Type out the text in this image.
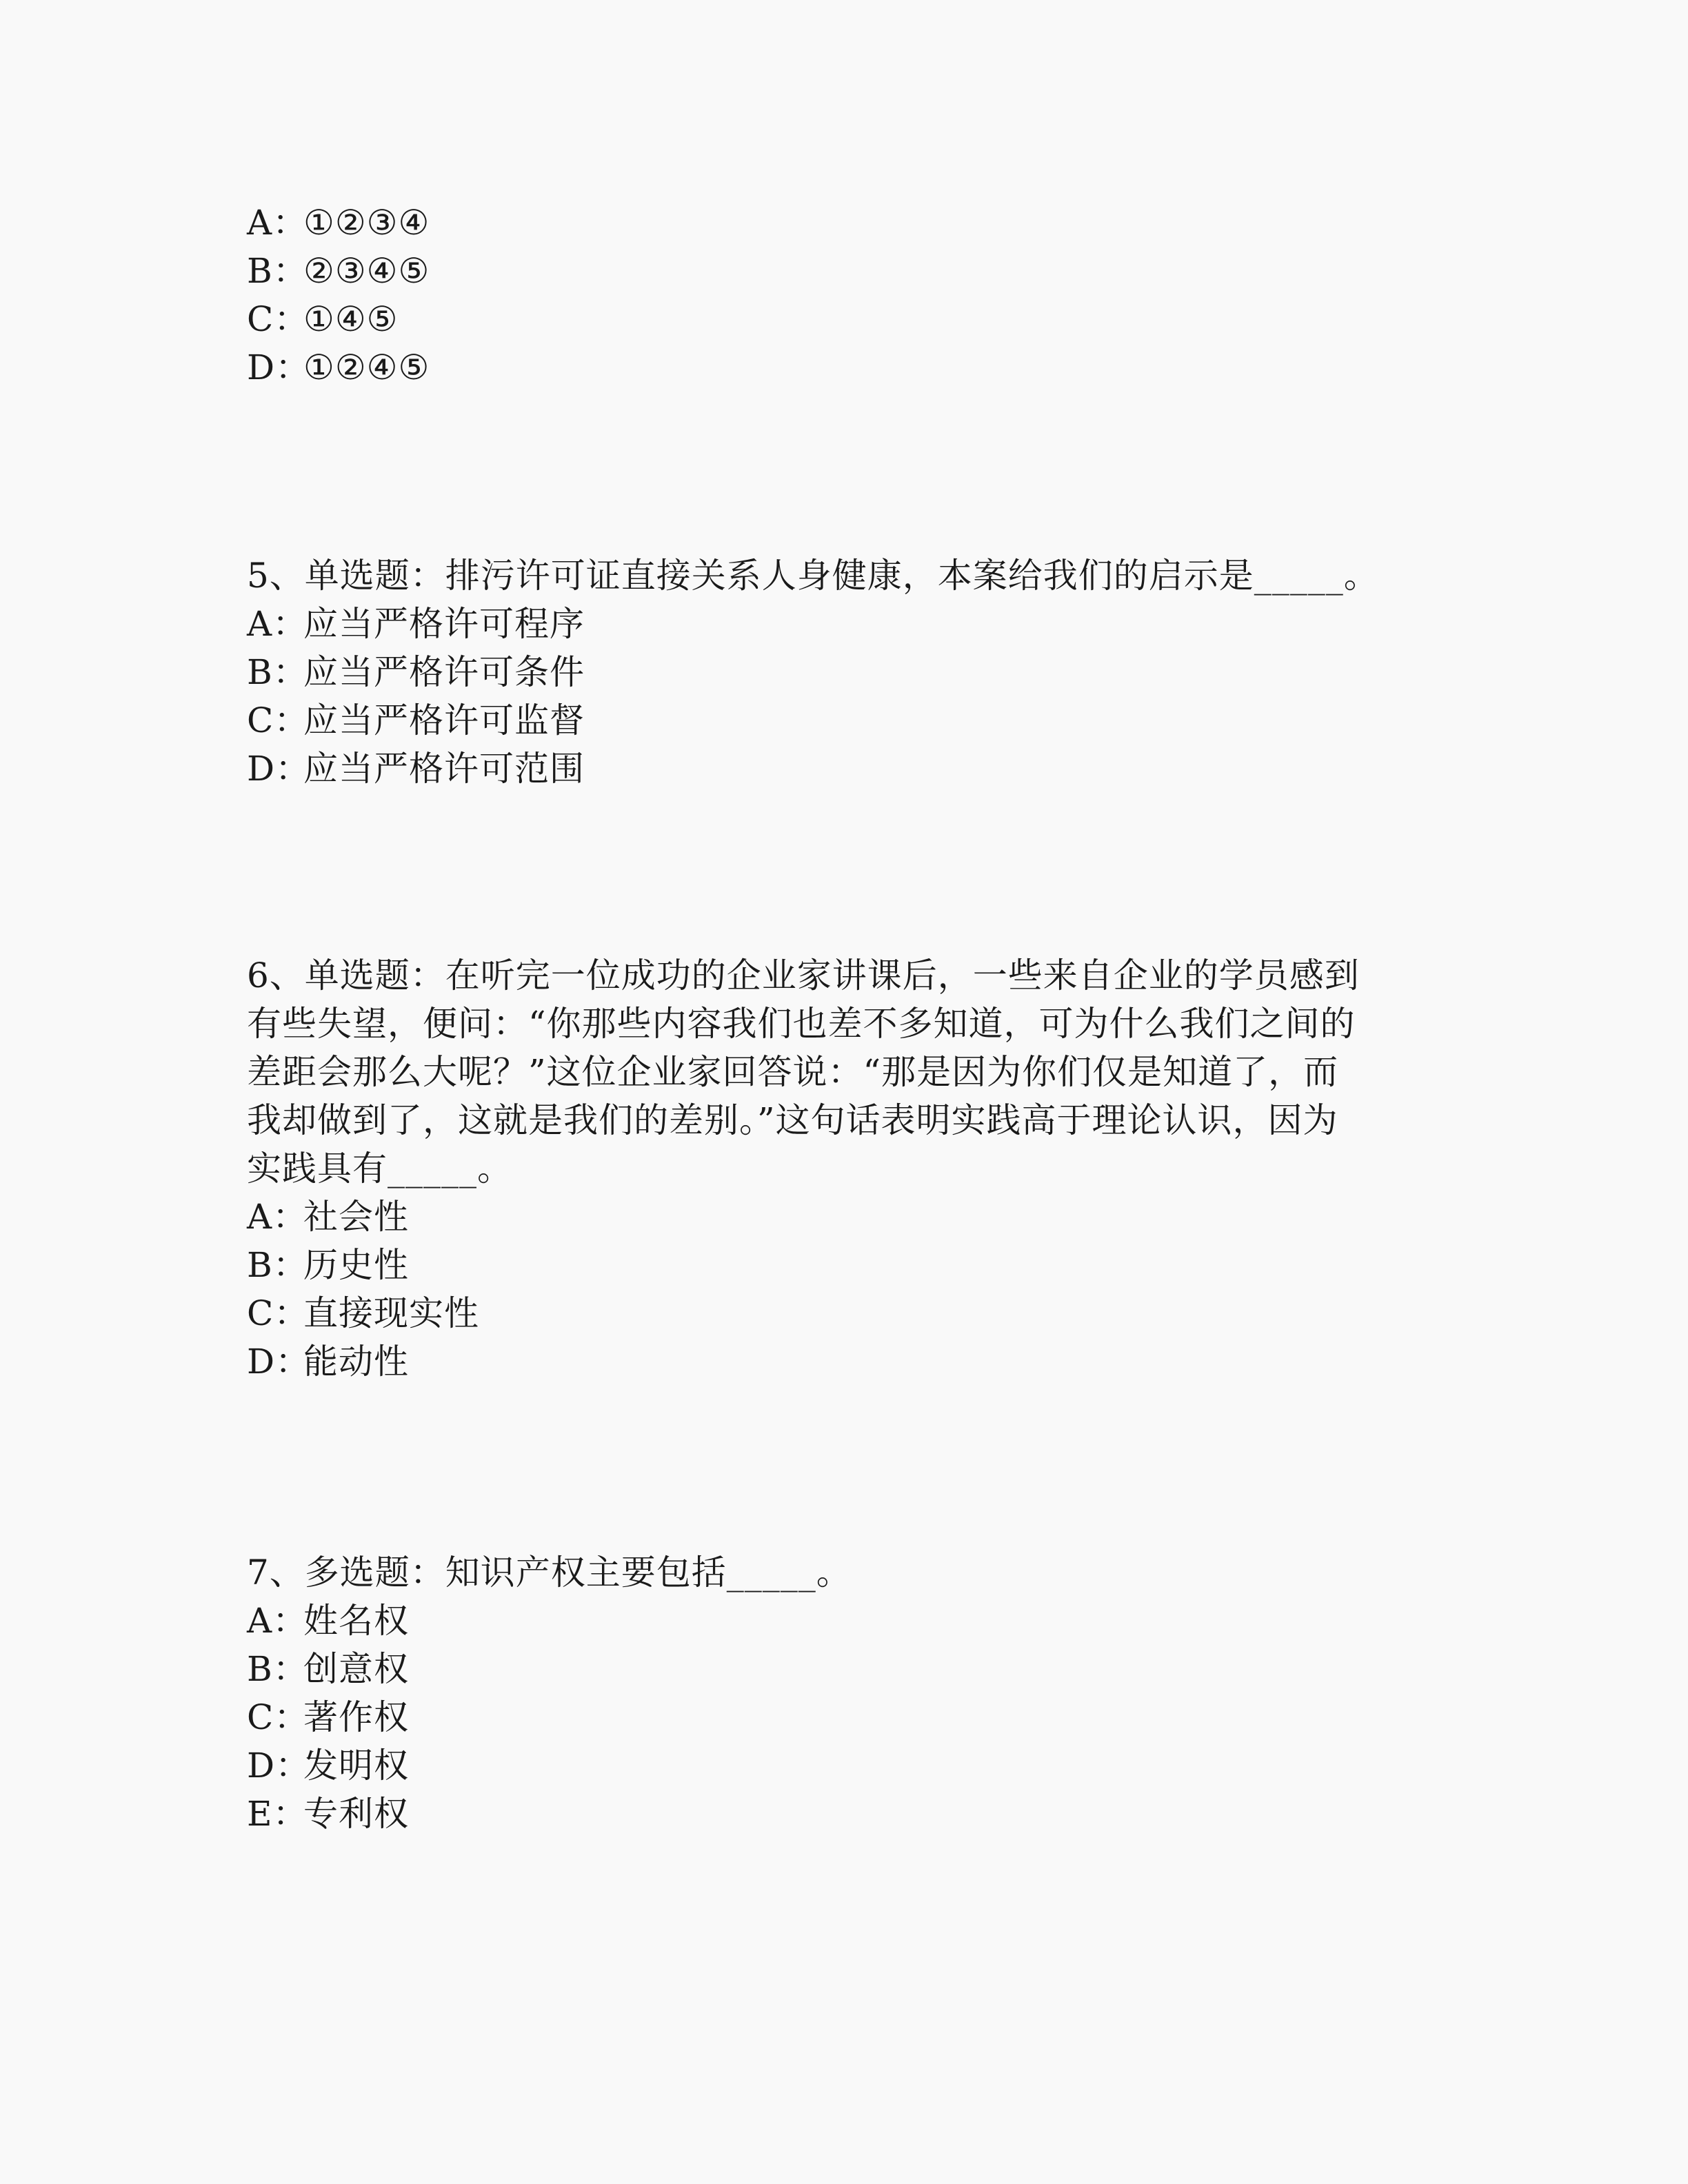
A：①②③④
B：②③④⑤
C：①④⑤
D：①②④⑤
5、单选题：排污许可证直接关系人身健康，本案给我们的启示是_____。
A：应当严格许可程序
B：应当严格许可条件
C：应当严格许可监督
D：应当严格许可范围
6、单选题：在听完一位成功的企业家讲课后，一些来自企业的学员感到
有些失望，便问：“你那些内容我们也差不多知道，可为什么我们之间的
差距会那么大呢？”这位企业家回答说：“那是因为你们仅是知道了，而
我却做到了，这就是我们的差别。”这句话表明实践高于理论认识，因为
实践具有_____。
A：社会性
B：历史性
C：直接现实性
D：能动性
7、多选题：知识产权主要包括_____。
A：姓名权
B：创意权
C：著作权
D：发明权
E：专利权
